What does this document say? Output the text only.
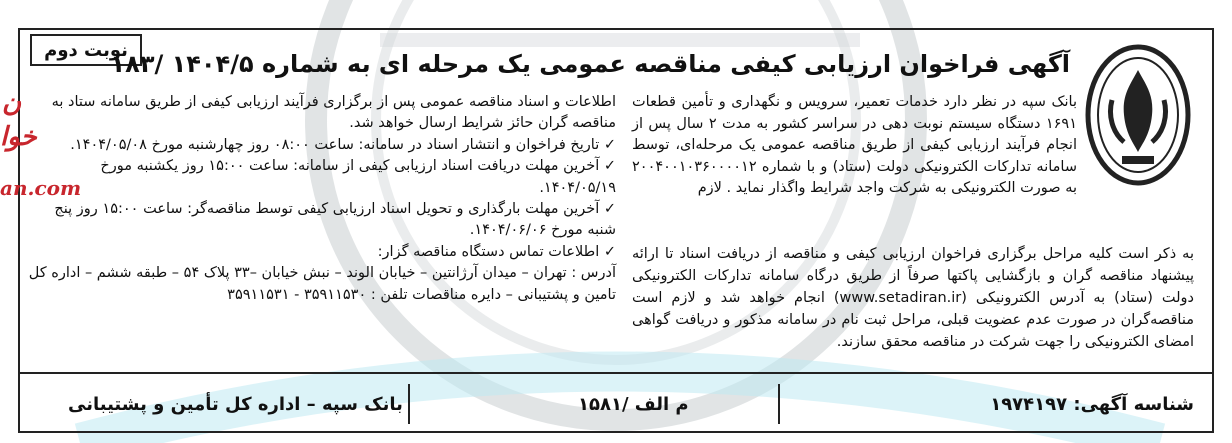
نوبت دوم
آگهی فراخوان ارزیابی کیفی مناقصه عمومی یک مرحله ای به شماره ۱۴۰۴/۵ /۱۸۳

بانک سپه در نظر دارد خدمات تعمیر، سرویس و نگهداری و تأمین قطعات ۱۶۹۱ دستگاه سیستم نوبت دهی در سراسر کشور به مدت ۲ سال پس از انجام فرآیند ارزیابی کیفی از طریق مناقصه عمومی یک مرحله‌ای، توسط سامانه تدارکات الکترونیکی دولت (ستاد) و با شماره ۲۰۰۴۰۰۱۰۳۶۰۰۰۰۱۲ به صورت الکترونیکی به شرکت واجد شرایط واگذار نماید . لازم

به ذکر است کلیه مراحل برگزاری فراخوان ارزیابی کیفی و مناقصه از دریافت اسناد تا ارائه پیشنهاد مناقصه گران و بازگشایی پاکتها صرفاً از طریق درگاه سامانه تدارکات الکترونیکی دولت (ستاد) به آدرس الکترونیکی (www.setadiran.ir) انجام خواهد شد و لازم است مناقصه‌گران در صورت عدم عضویت قبلی، مراحل ثبت نام در سامانه مذکور و دریافت گواهی امضای الکترونیکی را جهت شرکت در مناقصه محقق سازند.

اطلاعات و اسناد مناقصه عمومی پس از برگزاری فرآیند ارزیابی کیفی از طریق سامانه ستاد به مناقصه گران حائز شرایط ارسال خواهد شد.

✓ تاریخ فراخوان و انتشار اسناد در سامانه: ساعت ۰۸:۰۰ روز چهارشنبه مورخ ۱۴۰۴/۰۵/۰۸.

✓ آخرین مهلت دریافت اسناد ارزیابی کیفی از سامانه: ساعت ۱۵:۰۰ روز یکشنبه مورخ ۱۴۰۴/۰۵/۱۹.

✓ آخرین مهلت بارگذاری و تحویل اسناد ارزیابی کیفی توسط مناقصه‌گر: ساعت ۱۵:۰۰ روز پنج شنبه مورخ ۱۴۰۴/۰۶/۰۶.

✓ اطلاعات تماس دستگاه مناقصه گزار:

آدرس : تهران – میدان آرژانتین – خیابان الوند – نبش خیابان –۳۳ پلاک ۵۴ – طبقه ششم – اداره کل تامین و پشتیبانی – دایره مناقصات تلفن : ۳۵۹۱۱۵۳۰ - ۳۵۹۱۱۵۳۱

ن
خوا
an.com
شناسه آگهی: ۱۹۷۴۱۹۷
م الف /۱۵۸۱
بانک سپه – اداره کل تأمین و پشتیبانی
